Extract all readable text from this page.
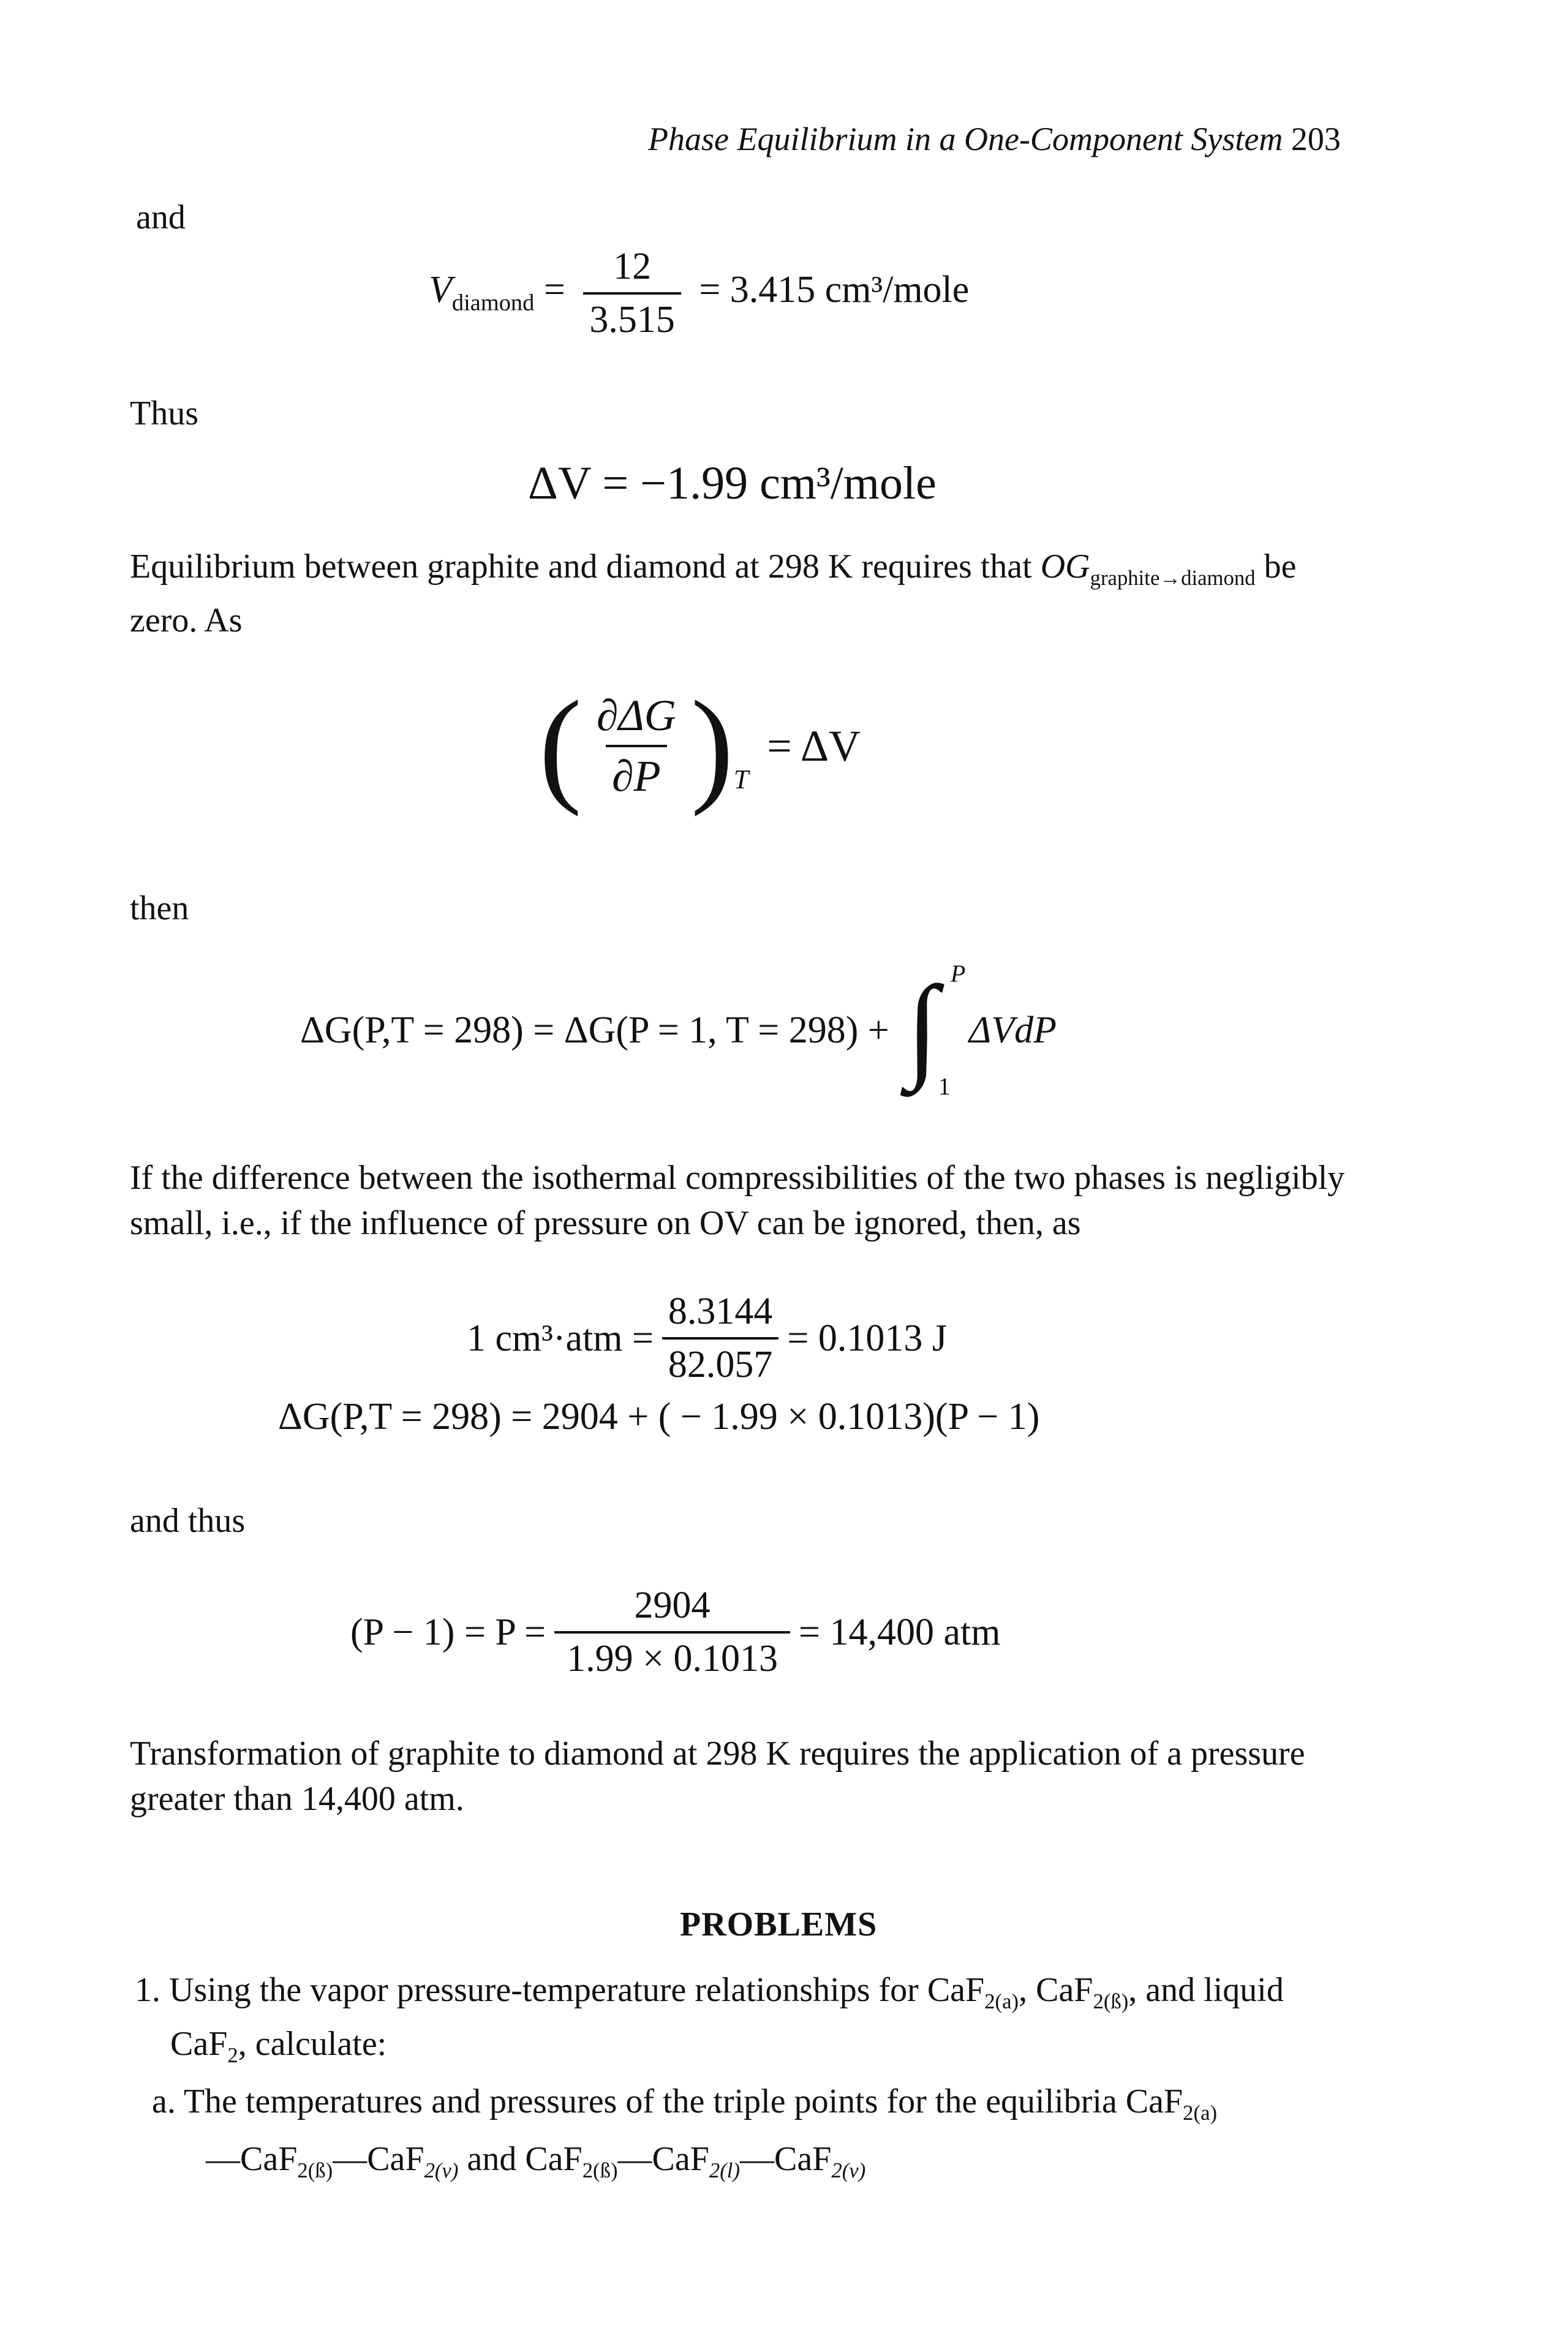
Phase Equilibrium in a One-Component System 203
and
$V_{diamond} = \frac{12}{3.515} = 3.415$ cm³/mole
Thus
ΔV = −1.99 cm³/mole
Equilibrium between graphite and diamond at 298 K requires that $OG_{graphite\to diamond}$ be
zero. As
( $\frac{\partial\Delta G}{\partial P}$ ) T
= ΔV
then
ΔG(P,T = 298) = ΔG(P = 1, T = 298) + ∫ P
1
ΔVdP
If the difference between the isothermal compressibilities of the two phases is negligibly
small, i.e., if the influence of pressure on OV can be ignored, then, as
1 $cm^3\cdot atm = \frac{8.3144}{82.057} = 0.1013$ J
ΔG(P,T = 298) = 2904 + ( − 1.99 × 0.1013)(P − 1)
and thus
$(P - 1) = P = \frac{2904}{1.99 \times 0.1013} = 14,400$ atm
Transformation of graphite to diamond at 298 K requires the application of a pressure
greater than 14,400 atm.
PROBLEMS
1. Using the vapor pressure-temperature relationships for CaF$_{2(a)}$, CaF$_{2(ß)}$, and liquid
CaF$_2$, calculate:
a. The temperatures and pressures of the triple points for the equilibria CaF$_{2(a)}$
—CaF$_{2(ß)}$—CaF$_{2(v)}$ and CaF$_{2(ß)}$—CaF$_{2(l)}$—CaF$_{2(v)}$
